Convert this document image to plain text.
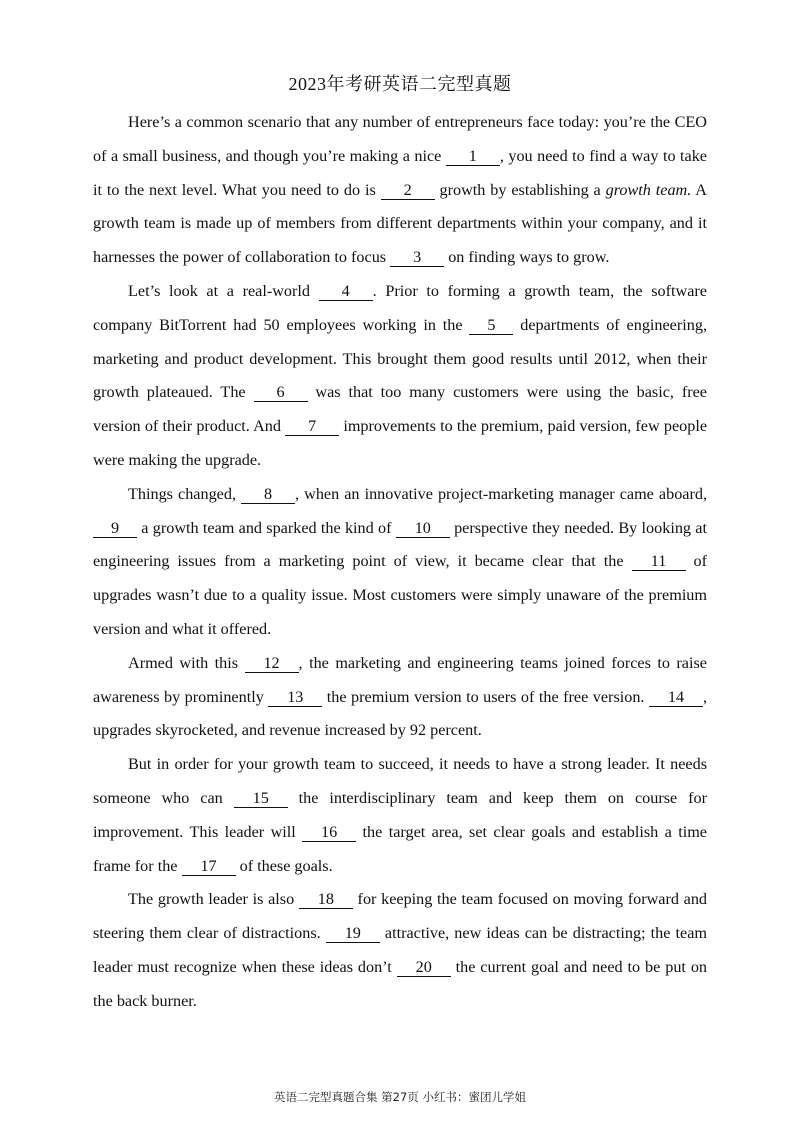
2023年考研英语二完型真题

Here’s a common scenario that any number of entrepreneurs face today: you’re the CEO of a small business, and though you’re making a nice 1 , you need to find a way to take it to the next level. What you need to do is 2 growth by establishing a growth team. A growth team is made up of members from different departments within your company, and it harnesses the power of collaboration to focus 3 on finding ways to grow.

Let’s look at a real-world 4 . Prior to forming a growth team, the software company BitTorrent had 50 employees working in the 5 departments of engineering, marketing and product development. This brought them good results until 2012, when their growth plateaued. The 6 was that too many customers were using the basic, free version of their product. And 7 improvements to the premium, paid version, few people were making the upgrade.

Things changed, 8 , when an innovative project-marketing manager came aboard, 9 a growth team and sparked the kind of 10 perspective they needed. By looking at engineering issues from a marketing point of view, it became clear that the 11 of upgrades wasn’t due to a quality issue. Most customers were simply unaware of the premium version and what it offered.

Armed with this 12 , the marketing and engineering teams joined forces to raise awareness by prominently 13 the premium version to users of the free version. 14 , upgrades skyrocketed, and revenue increased by 92 percent.

But in order for your growth team to succeed, it needs to have a strong leader. It needs someone who can 15 the interdisciplinary team and keep them on course for improvement. This leader will 16 the target area, set clear goals and establish a time frame for the 17 of these goals.

The growth leader is also 18 for keeping the team focused on moving forward and steering them clear of distractions. 19 attractive, new ideas can be distracting; the team leader must recognize when these ideas don’t 20 the current goal and need to be put on the back burner.

英语二完型真题合集 第27页 小红书：蜜团儿学姐
